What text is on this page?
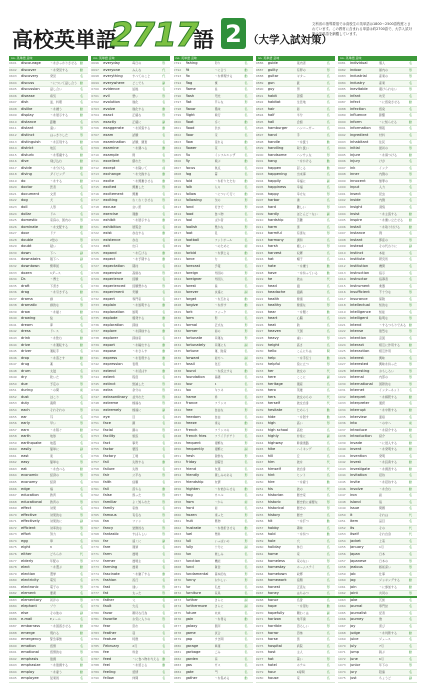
高校英単語
2717
語 2 （大学入試対策）
文科省の指導要領では高校生の英単語は1800〜2500語程度とされています。この教材に含まれる単語は約2700語で、大学入試対策の英単語を網羅しています。
no. 英単語 意味
0601	discourage	〜をがっかりさせる 動
0602	discover	〜を発見する	動
0603	discovery	発見	名
0604	discuss	〜について話し合う	動
0605	discussion	話し合い	名
0606	disease	病気	名
0607	dish	皿、料理	名
0608	dislike	〜を嫌う	動
0609	display	〜を展示する	動
0610	distance	距離	名
0611	distant	遠い	形
0612	distinct	はっきりした	形
0613	distinguish	〜を区別する	動
0614	district	地区	名
0615	disturb	〜を邪魔する	動
0616	dive	飛び込む	動
0617	divide	〜を分ける	動
0618	diving	ダイビング	名
0619	do	〜をする	動
0620	doctor	医者	名
0621	document	文書	名
0622	dog	犬	名
0623	doll	人形	名
0624	dollar	ドル	名
0625	domestic	家庭の、国内の	形
0626	dominate	〜を支配する	動
0627	door	ドア	名
0628	double	2倍の	形
0629	doubt	疑い	名
0630	down	下へ	副
0631	downstairs	階下へ	副
0632	downtown	繁華街	名
0633	dozen	1ダース	名
0634	Dr.	〜博士	名
0635	draft	下書き	名
0636	drag	〜を引きずる	動
0637	drama	劇	名
0638	dramatic	劇的な	形
0639	draw	〜を描く	動
0640	drawing	絵	名
0641	dream	夢	名
0642	dress	ドレス	名
0643	drink	〜を飲む	動
0644	drive	〜を運転する	動
0645	driver	運転手	名
0646	drop	〜を落とす	動
0647	drug	薬	名
0648	drum	太鼓	名
0649	dry	乾いた	形
0650	due	予定の	形
0651	during	〜の間	前
0652	dust	ほこり	名
0653	duty	義務	名
0654	each	それぞれの	形
0655	ear	耳	名
0656	early	早い	形
0657	earn	〜を稼ぐ	動
0658	earth	地球	名
0659	earthquake	地震	名
0660	easily	簡単に	副
0661	east	東	名
0662	easy	簡単な	形
0663	eat	〜を食べる	動
0664	economic	経済の	形
0665	economy	経済	名
0666	edge	端	名
0667	education	教育	名
0668	educational	教育の	形
0669	effect	効果	名
0670	effective	効果的な	形
0671	effectively	効果的に	副
0672	efficient	効率的な	形
0673	effort	努力	名
0674	egg	卵	名
0675	eight	8	名
0676	either	どちらか	代
0677	elderly	年配の	形
0678	elect	〜を選ぶ	動
0679	election	選挙	名
0680	electricity	電気	名
0681	electronic	電子の	形
0682	element	要素	名
0683	elementary	初歩の	形
0684	elephant	ゾウ	名
0685	else	その他の	副
0686	e-mail	Eメール	名
0687	embarrass	〜を困惑させる	動
0688	emerge	現れる	動
0689	emergency	緊急事態	名
0690	emotion	感情	名
0691	emotional	感情的な	形
0692	emphasis	強調	名
0693	emphasize	〜を強調する	動
0694	employ	〜を雇う	動
0695	employee	従業員	名
no. 英単語 意味
0696	everyday	毎日の	形
0697	everyone	みんな	代
0698	everything	すべてのこと	代
0699	everywhere	どこでも	副
0700	evidence	証拠	名
0701	evil	悪い	形
0702	evolution	進化	名
0703	evolve	進化する	動
0704	exact	正確な	形
0705	exactly	正確に	副
0706	exaggerate	〜を誇張する	動
0707	exam	試験	名
0708	examination	試験、調査	名
0709	examine	〜を調べる	動
0710	example	例	名
0711	excellent	優れた	形
0712	except	〜を除いて	前
0713	exchange	〜を交換する	動
0714	excite	〜を興奮させる	動
0715	excited	興奮した	形
0716	excitement	興奮	名
0717	exciting	わくわくさせる	形
0718	excuse	言い訳	名
0719	exercise	運動	名
0720	exhibit	〜を展示する	動
0721	exhibition	展覧会	名
0722	exist	存在する	動
0723	existence	存在	名
0724	exit	出口	名
0725	expand	〜を広げる	動
0726	expect	〜を予期する	動
0727	expectation	期待	名
0728	expensive	高価な	形
0729	experience	経験	名
0730	experienced	経験豊かな	形
0731	experiment	実験	名
0732	expert	専門家	名
0733	explain	〜を説明する	動
0734	explanation	説明	名
0735	explode	爆発する	動
0736	exploration	探検	名
0737	explore	〜を探検する	動
0738	explorer	探検家	名
0739	export	〜を輸出する	動
0740	expose	〜をさらす	動
0741	express	〜を表現する	動
0742	expression	表現	名
0743	extend	〜を延ばす	動
0744	extent	程度	名
0745	extinct	絶滅した	形
0746	extra	余分の	形
0747	extraordinary	並外れた	形
0748	extreme	極端な	形
0749	extremely	極端に	副
0750	eye	目	名
0751	face	顔	名
0752	facial	顔の	形
0753	facility	施設	名
0754	fact	事実	名
0755	factor	要因	名
0756	factory	工場	名
0757	fail	失敗する	動
0758	failure	失敗	名
0759	fair	公平な	形
0760	faith	信頼	名
0761	fall	落ちる	動
0762	false	誤った	形
0763	familiar	よく知られた	形
0764	family	家族	名
0765	famous	有名な	形
0766	fan	ファン	名
0767	fancy	装飾的な	形
0768	fantastic	すばらしい	形
0769	far	遠くに	副
0770	fare	運賃	名
0771	farm	農場	名
0772	farmer	農場主	名
0773	farming	農業	名
0774	fascinate	〜を魅了する	動
0775	fashion	流行	名
0776	fast	速い	形
0777	fat	太った	形
0778	father	父	名
0779	fault	欠点	名
0780	favor	親切な行為	名
0781	favorite	お気に入りの	形
0782	fear	恐れ	名
0783	feather	羽	名
0784	feature	特徴	名
0785	February	2月	名
0786	fee	料金	名
0787	feed	〜に食べ物を与える 動
0788	feel	〜を感じる	動
0789	feeling	感情	名
0790	fellow	仲間	名
no. 英単語 意味
0791	fishing	釣り	名
0792	fit	〜に合う	動
0793	fix	〜を修理する	動
0794	flag	旗	名
0795	flame	炎	名
0796	flash	閃光	名
0797	flat	平らな	形
0798	flavor	風味	名
0799	flight	飛行	名
0800	float	浮く	動
0801	flood	洪水	名
0802	floor	床	名
0803	flow	流れる	動
0804	flower	花	名
0805	flu	インフルエンザ	名
0806	fly	飛ぶ	動
0807	focus	焦点	名
0808	fog	霧	名
0809	fold	〜を折りたたむ	動
0810	folk	人々	名
0811	follow	〜について行く	動
0812	following	次の	形
0813	fond	好きで	形
0814	food	食べ物	名
0815	fool	ばか者	名
0816	foolish	愚かな	形
0817	foot	足	名
0818	football	フットボール	名
0819	for	〜のために	前
0820	forbid	〜を禁じる	動
0821	force	力	名
0822	forecast	予報	名
0823	foreign	外国の	形
0824	foreigner	外国人	名
0825	forest	森	名
0826	forever	永遠に	副
0827	forget	〜を忘れる	動
0828	forgive	〜を許す	動
0829	fork	フォーク	名
0830	form	形	名
0831	formal	正式な	形
0832	former	前の	形
0833	fortunate	幸運な	形
0834	fortunately	幸運にも	副
0835	fortune	運、財産	名
0836	forward	前方へ	副
0837	fossil	化石	名
0838	found	〜を設立する	動
0839	foundation	基礎	名
0840	four	4	名
0841	fox	キツネ	名
0842	frame	枠	名
0843	France	フランス	名
0844	free	自由な	形
0845	freedom	自由	名
0846	freeze	凍る	動
0847	French	フランスの	形
0848	French fries	フライドポテト	名
0849	frequent	頻繁な	形
0850	frequently	頻繁に	副
0851	fresh	新鮮な	形
0852	Friday	金曜日	名
0853	friend	友達	名
0854	friendly	親しみのある	形
0855	friendship	友情	名
0856	frighten	〜を怖がらせる	動
0857	frog	カエル	名
0858	from	〜から	前
0859	front	前	名
0860	frozen	凍った	形
0861	fruit	果物	名
0862	frustrate	〜を挫折させる	動
0863	fuel	燃料	名
0864	full	いっぱいの	形
0865	fully	十分に	副
0866	fun	楽しみ	名
0867	function	機能	名
0868	fund	資金	名
0869	fundamental	基本的な	形
0870	funny	おかしい	形
0871	fur	毛皮	名
0872	furniture	家具	名
0873	further	さらに	副
0874	furthermore	さらに	副
0875	future	未来	名
0876	gain	〜を得る	動
0877	galaxy	銀河	名
0878	game	試合	名
0879	gap	すき間	名
0880	garage	車庫	名
0881	garbage	ごみ	名
0882	garden	庭	名
0883	gas	ガス	名
0884	gate	門	名
0885	gather	〜を集める	動
no. 英単語 意味
0886	guide	案内者	名
0887	guilty	有罪の	形
0888	guitar	ギター	名
0889	gun	銃	名
0890	guy	男	名
0891	habit	習慣	名
0892	habitat	生息地	名
0893	hair	髪	名
0894	half	半分	名
0895	hall	会館	名
0896	hamburger	ハンバーガー	名
0897	hand	手	名
0898	handle	〜を扱う	動
0899	handling	取り扱い	名
0900	handsome	ハンサムな	形
0901	hang	〜をかける	動
0902	happen	起こる	動
0903	happening	出来事	名
0904	happily	幸福に	副
0905	happiness	幸福	名
0906	happy	幸せな	形
0907	harbor	港	名
0908	hard	難しい	形
0909	hardly	ほとんど〜ない	副
0910	hardship	苦難	名
0911	harm	害	名
0912	harmful	有害な	形
0913	harmony	調和	名
0914	harsh	厳しい	形
0915	harvest	収穫	名
0916	hat	帽子	名
0917	hate	〜を嫌う	動
0918	have	〜を持っている	動
0919	he	彼は	代
0920	head	頭	名
0921	headache	頭痛	名
0922	health	健康	名
0923	healthy	健康な	形
0924	hear	〜を聞く	動
0925	heart	心臓	名
0926	heat	熱	名
0927	heaven	天国	名
0928	heavy	重い	形
0929	height	高さ	名
0930	hello	こんにちは	間
0931	help	〜を手伝う	動
0932	helpful	役に立つ	形
0933	her	彼女の	代
0934	here	ここに	副
0935	heritage	遺産	名
0936	hero	英雄	名
0937	hers	彼女のもの	代
0938	herself	彼女自身	代
0939	hesitate	ためらう	動
0940	hide	〜を隠す	動
0941	high	高い	形
0942	high school	高校	名
0943	highly	非常に	副
0944	highway	幹線道路	名
0945	hike	ハイキング	名
0946	hill	丘	名
0947	him	彼を	代
0948	himself	彼自身	代
0949	hint	ヒント	名
0950	hire	〜を雇う	動
0951	his	彼の	代
0952	historian	歴史家	名
0953	historic	歴史的に重要な	形
0954	historical	歴史の	形
0955	history	歴史	名
0956	hit	〜を打つ	動
0957	hobby	趣味	名
0958	hold	〜を持つ	動
0959	hole	穴	名
0960	holiday	休日	名
0961	home	家	名
0962	homeless	家のない	形
0963	homestay	ホームステイ	名
0964	hometown	故郷	名
0965	homework	宿題	名
0966	honest	正直な	形
0967	honey	はちみつ	名
0968	honor	名誉	名
0969	hope	〜を望む	動
0970	hopefully	願わくは	副
0971	horizon	地平線	名
0972	horrible	恐ろしい	形
0973	horror	恐怖	名
0974	horse	馬	名
0975	hospital	病院	名
0976	host	主人	名
0977	hot	暑い	形
0978	hotel	ホテル	名
0979	hour	1時間	名
0980	house	家	名
no. 英単語 意味
0981	individual	個人	名
0982	indoor	屋内の	形
0983	industrial	産業の	形
0984	industry	産業	名
0985	inevitable	避けられない	形
0986	infant	幼児	名
0987	infect	〜に感染させる	動
0988	infection	感染	名
0989	influence	影響	名
0990	inform	〜に知らせる	動
0991	information	情報	名
0992	ingredient	材料	名
0993	inhabitant	住民	名
0994	initial	最初の	形
0995	injure	〜を傷つける	動
0996	injury	けが	名
0997	ink	インク	名
0998	inner	内側の	形
0999	innocent	無罪の	形
1000	input	入力	名
1001	insect	昆虫	名
1002	inside	内側	名
1003	insight	洞察	名
1004	insist	〜を主張する	動
1005	inspire	〜を奮い立たせる	動
1006	install	〜を取り付ける	動
1007	instance	例	名
1008	instant	即座の	形
1009	instead	その代わりに	副
1010	instinct	本能	名
1011	institute	研究所	名
1012	institution	機関	名
1013	instruction	指示	名
1014	instructor	指導者	名
1015	instrument	楽器	名
1016	insufficient	不十分な	形
1017	insurance	保険	名
1018	intellectual	知的な	形
1019	intelligence	知能	名
1020	intelligent	聡明な	形
1021	intend	〜するつもりである	動
1022	intense	強烈な	形
1023	intention	意図	名
1024	interact	相互に作用する	動
1025	interaction	相互作用	名
1026	interest	興味	名
1027	interested	興味を持った	形
1028	interesting	おもしろい	形
1029	internal	内部の	形
1030	international	国際的な	形
1031	Internet	インターネット	名
1032	interpret	〜を解釈する	動
1033	interpreter	通訳	名
1034	interrupt	〜を中断する	動
1035	interview	面接	名
1036	into	〜の中へ	前
1037	introduce	〜を紹介する	動
1038	introduction	紹介	名
1039	invade	〜に侵入する	動
1040	invent	〜を発明する	動
1041	invention	発明	名
1042	invest	〜を投資する	動
1043	investigate	〜を調査する	動
1044	invitation	招待	名
1045	invite	〜を招待する	動
1046	involve	〜を含む	動
1047	iron	鉄	名
1048	island	島	名
1049	issue	問題	名
1050	it	それは	代
1051	item	品目	名
1052	its	その	代
1053	itself	それ自身	代
1054	jacket	上着	名
1055	January	1月	名
1056	Japan	日本	名
1057	Japanese	日本の	形
1058	jealous	嫉妬深い	形
1059	job	仕事	名
1060	jog	ジョギングする	動
1061	join	〜に参加する	動
1062	joint	共同の	形
1063	joke	冗談	名
1064	journal	専門誌	名
1065	journalist	記者	名
1066	journey	旅	名
1067	joy	喜び	名
1068	judge	〜を判断する	動
1069	juice	ジュース	名
1070	July	7月	名
1071	jump	跳ぶ	動
1072	June	6月	名
1073	junior	年下の	形
1074	jury	陪審	名
1075	just	ちょうど	副
